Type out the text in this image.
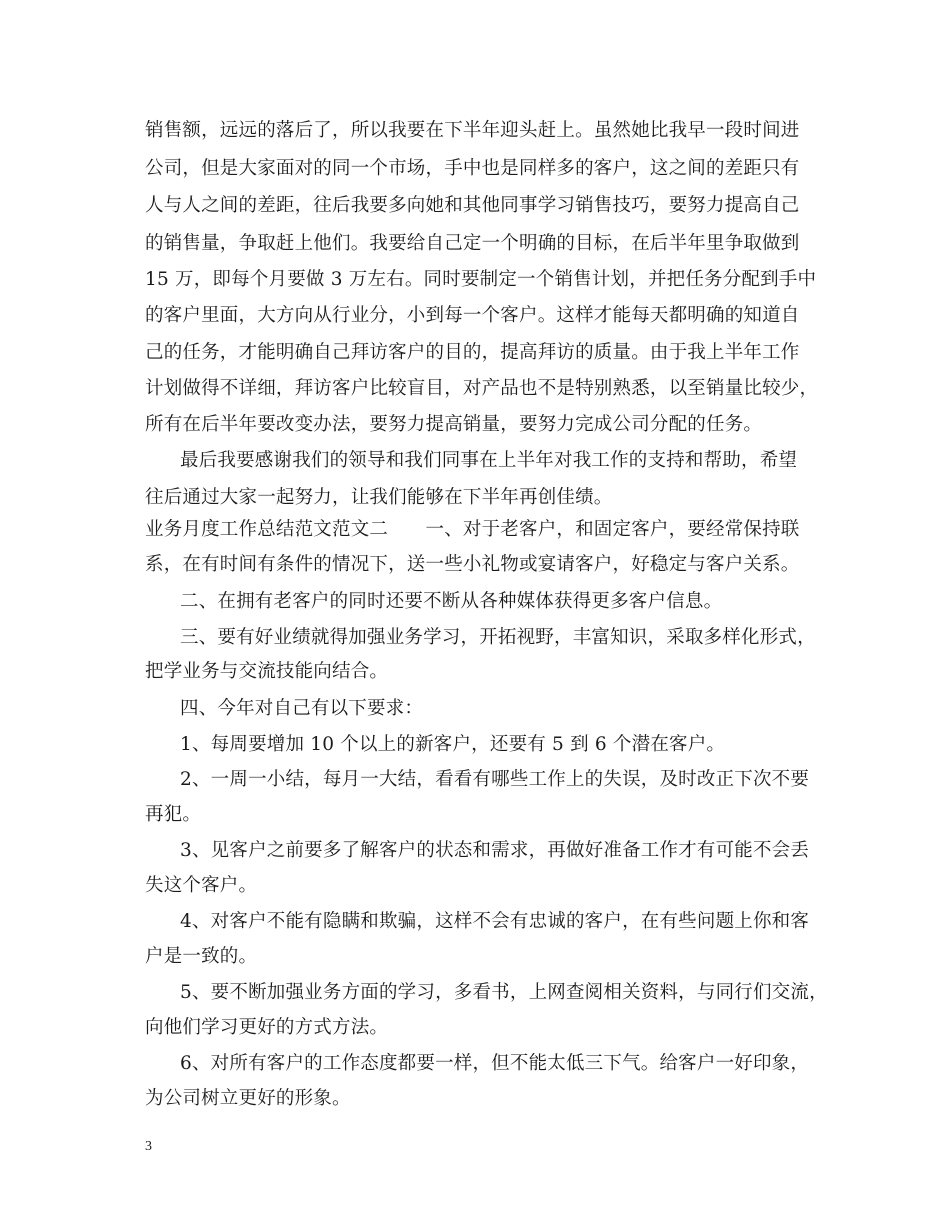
销售额，远远的落后了，所以我要在下半年迎头赶上。虽然她比我早一段时间进
公司，但是大家面对的同一个市场，手中也是同样多的客户，这之间的差距只有
人与人之间的差距，往后我要多向她和其他同事学习销售技巧，要努力提高自己
的销售量，争取赶上他们。我要给自己定一个明确的目标，在后半年里争取做到
15 万，即每个月要做 3 万左右。同时要制定一个销售计划，并把任务分配到手中
的客户里面，大方向从行业分，小到每一个客户。这样才能每天都明确的知道自
己的任务，才能明确自己拜访客户的目的，提高拜访的质量。由于我上半年工作
计划做得不详细，拜访客户比较盲目，对产品也不是特别熟悉，以至销量比较少，
所有在后半年要改变办法，要努力提高销量，要努力完成公司分配的任务。
最后我要感谢我们的领导和我们同事在上半年对我工作的支持和帮助，希望
往后通过大家一起努力，让我们能够在下半年再创佳绩。
业务月度工作总结范文范文二　　一、对于老客户，和固定客户，要经常保持联
系，在有时间有条件的情况下，送一些小礼物或宴请客户，好稳定与客户关系。
二、在拥有老客户的同时还要不断从各种媒体获得更多客户信息。
三、要有好业绩就得加强业务学习，开拓视野，丰富知识，采取多样化形式，
把学业务与交流技能向结合。
四、今年对自己有以下要求：
1、每周要增加 10 个以上的新客户，还要有 5 到 6 个潜在客户。
2、一周一小结，每月一大结，看看有哪些工作上的失误，及时改正下次不要
再犯。
3、见客户之前要多了解客户的状态和需求，再做好准备工作才有可能不会丢
失这个客户。
4、对客户不能有隐瞒和欺骗，这样不会有忠诚的客户，在有些问题上你和客
户是一致的。
5、要不断加强业务方面的学习，多看书，上网查阅相关资料，与同行们交流，
向他们学习更好的方式方法。
6、对所有客户的工作态度都要一样，但不能太低三下气。给客户一好印象，
为公司树立更好的形象。
3
